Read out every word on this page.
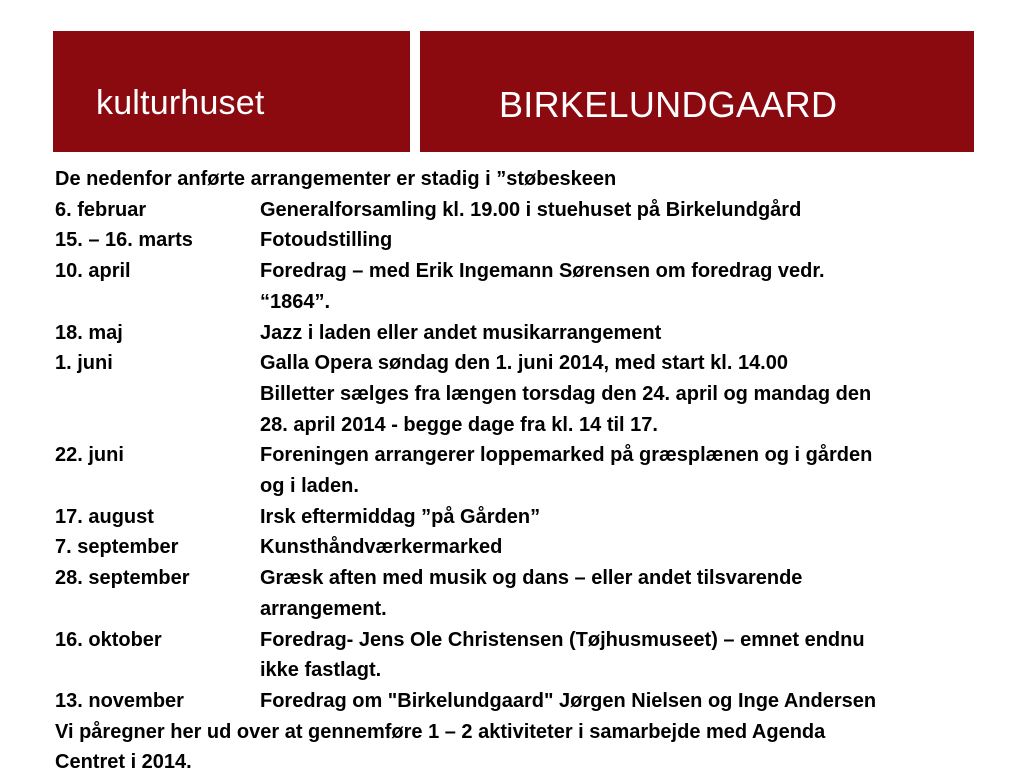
kulturhuset	BIRKELUNDGAARD
De nedenfor anførte arrangementer er stadig i ”støbeskeen
6. februar	Generalforsamling kl. 19.00 i stuehuset på Birkelundgård
15. – 16. marts	Fotoudstilling
10. april	Foredrag – med Erik Ingemann Sørensen om foredrag vedr.
“1864”.
18. maj	Jazz i laden eller andet musikarrangement
1. juni	Galla Opera søndag den 1. juni 2014, med start kl. 14.00
Billetter sælges fra længen torsdag den 24. april og mandag den
28. april 2014 - begge dage fra kl. 14 til 17.
22. juni	Foreningen arrangerer loppemarked på græsplænen og i gården
og i laden.
17. august	Irsk eftermiddag ”på Gården”
7. september	Kunsthåndværkermarked
28. september	Græsk aften med musik og dans – eller andet tilsvarende
arrangement.
16. oktober	Foredrag- Jens Ole Christensen (Tøjhusmuseet) – emnet endnu
ikke fastlagt.
13. november	Foredrag om "Birkelundgaard" Jørgen Nielsen og Inge Andersen
Vi påregner her ud over at gennemføre 1 – 2 aktiviteter i samarbejde med Agenda
Centret i 2014.
